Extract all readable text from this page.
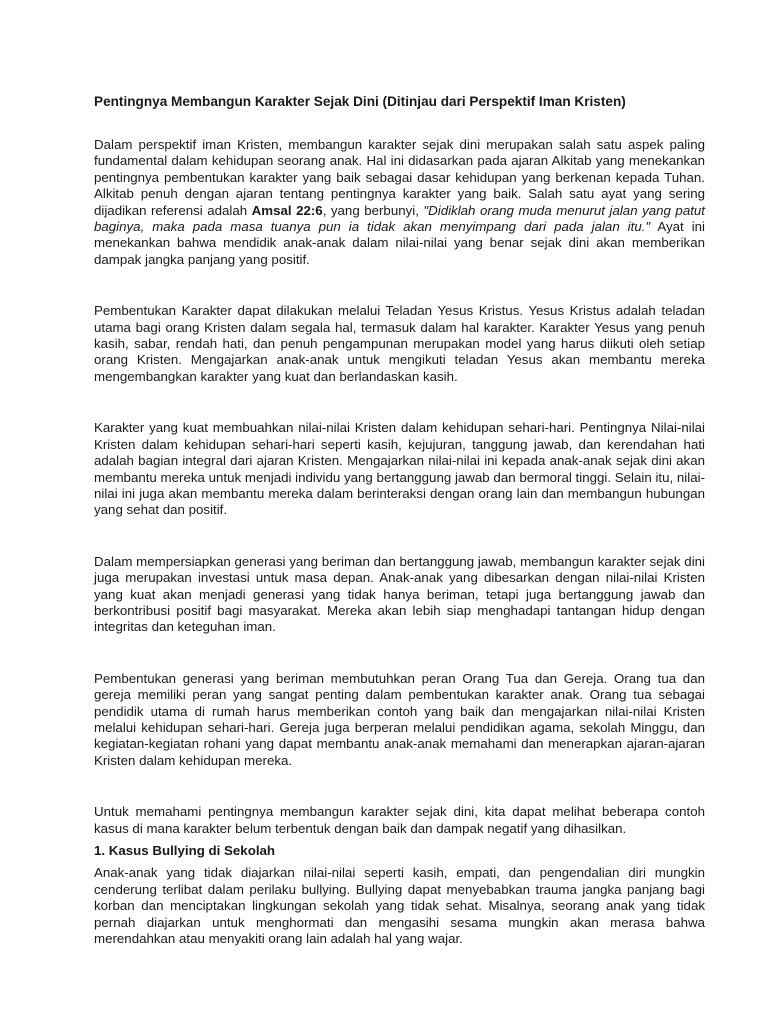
Pentingnya Membangun Karakter Sejak Dini (Ditinjau dari Perspektif Iman Kristen)

Dalam perspektif iman Kristen, membangun karakter sejak dini merupakan salah satu aspek paling fundamental dalam kehidupan seorang anak. Hal ini didasarkan pada ajaran Alkitab yang menekankan pentingnya pembentukan karakter yang baik sebagai dasar kehidupan yang berkenan kepada Tuhan. Alkitab penuh dengan ajaran tentang pentingnya karakter yang baik. Salah satu ayat yang sering dijadikan referensi adalah Amsal 22:6, yang berbunyi, "Didiklah orang muda menurut jalan yang patut baginya, maka pada masa tuanya pun ia tidak akan menyimpang dari pada jalan itu." Ayat ini menekankan bahwa mendidik anak-anak dalam nilai-nilai yang benar sejak dini akan memberikan dampak jangka panjang yang positif.

Pembentukan Karakter dapat dilakukan melalui Teladan Yesus Kristus. Yesus Kristus adalah teladan utama bagi orang Kristen dalam segala hal, termasuk dalam hal karakter. Karakter Yesus yang penuh kasih, sabar, rendah hati, dan penuh pengampunan merupakan model yang harus diikuti oleh setiap orang Kristen. Mengajarkan anak-anak untuk mengikuti teladan Yesus akan membantu mereka mengembangkan karakter yang kuat dan berlandaskan kasih.

Karakter yang kuat membuahkan nilai-nilai Kristen dalam kehidupan sehari-hari. Pentingnya Nilai-nilai Kristen dalam kehidupan sehari-hari seperti kasih, kejujuran, tanggung jawab, dan kerendahan hati adalah bagian integral dari ajaran Kristen. Mengajarkan nilai-nilai ini kepada anak-anak sejak dini akan membantu mereka untuk menjadi individu yang bertanggung jawab dan bermoral tinggi. Selain itu, nilai-nilai ini juga akan membantu mereka dalam berinteraksi dengan orang lain dan membangun hubungan yang sehat dan positif.

Dalam mempersiapkan generasi yang beriman dan bertanggung jawab, membangun karakter sejak dini juga merupakan investasi untuk masa depan. Anak-anak yang dibesarkan dengan nilai-nilai Kristen yang kuat akan menjadi generasi yang tidak hanya beriman, tetapi juga bertanggung jawab dan berkontribusi positif bagi masyarakat. Mereka akan lebih siap menghadapi tantangan hidup dengan integritas dan keteguhan iman.

Pembentukan generasi yang beriman membutuhkan peran Orang Tua dan Gereja. Orang tua dan gereja memiliki peran yang sangat penting dalam pembentukan karakter anak. Orang tua sebagai pendidik utama di rumah harus memberikan contoh yang baik dan mengajarkan nilai-nilai Kristen melalui kehidupan sehari-hari. Gereja juga berperan melalui pendidikan agama, sekolah Minggu, dan kegiatan-kegiatan rohani yang dapat membantu anak-anak memahami dan menerapkan ajaran-ajaran Kristen dalam kehidupan mereka.

Untuk memahami pentingnya membangun karakter sejak dini, kita dapat melihat beberapa contoh kasus di mana karakter belum terbentuk dengan baik dan dampak negatif yang dihasilkan.

1. Kasus Bullying di Sekolah

Anak-anak yang tidak diajarkan nilai-nilai seperti kasih, empati, dan pengendalian diri mungkin cenderung terlibat dalam perilaku bullying. Bullying dapat menyebabkan trauma jangka panjang bagi korban dan menciptakan lingkungan sekolah yang tidak sehat. Misalnya, seorang anak yang tidak pernah diajarkan untuk menghormati dan mengasihi sesama mungkin akan merasa bahwa merendahkan atau menyakiti orang lain adalah hal yang wajar.
